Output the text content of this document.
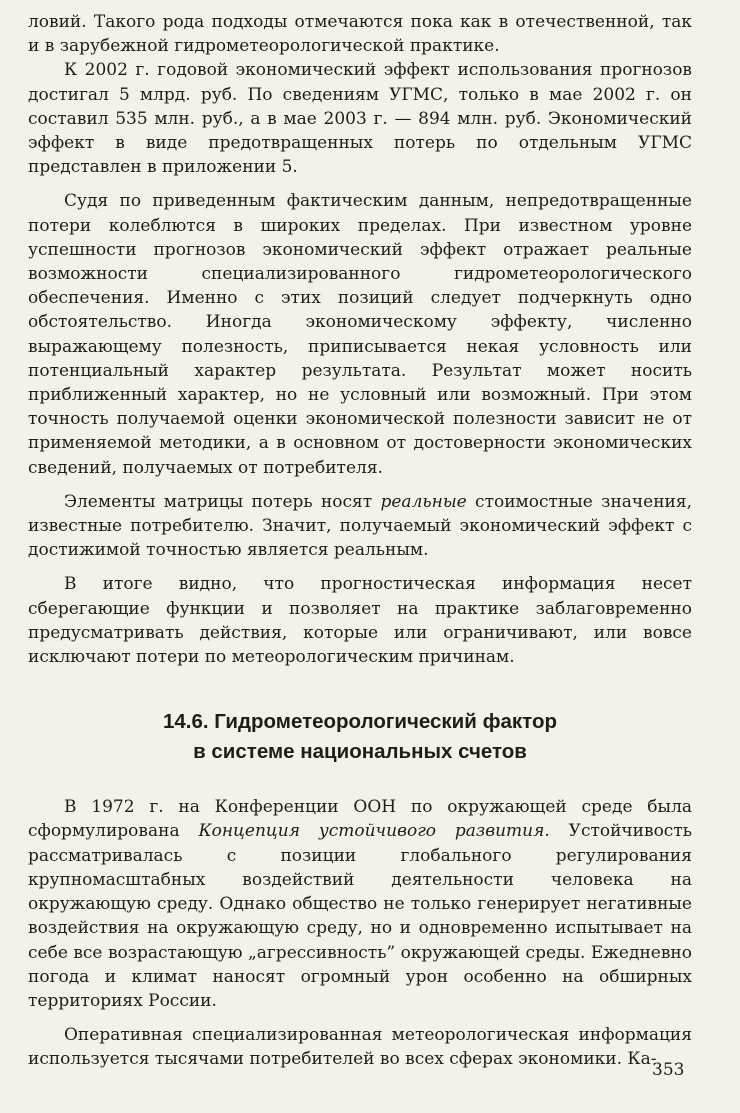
ловий. Такого рода подходы отмечаются пока как в отечественной, так и в зарубежной гидрометеорологической практике.

К 2002 г. годовой экономический эффект использования прогнозов достигал 5 млрд. руб. По сведениям УГМС, только в мае 2002 г. он составил 535 млн. руб., а в мае 2003 г. — 894 млн. руб. Экономический эффект в виде предотвращенных потерь по отдельным УГМС представлен в приложении 5.

Судя по приведенным фактическим данным, непредотвращенные потери колеблются в широких пределах. При известном уровне успешности прогнозов экономический эффект отражает реальные возможности специализированного гидрометеорологического обеспечения. Именно с этих позиций следует подчеркнуть одно обстоятельство. Иногда экономическому эффекту, численно выражающему полезность, приписывается некая условность или потенциальный характер результата. Результат может носить приближенный характер, но не условный или возможный. При этом точность получаемой оценки экономической полезности зависит не от применяемой методики, а в основном от достоверности экономических сведений, получаемых от потребителя.

Элементы матрицы потерь носят реальные стоимостные значения, известные потребителю. Значит, получаемый экономический эффект с достижимой точностью является реальным.

В итоге видно, что прогностическая информация несет сберегающие функции и позволяет на практике заблаговременно предусматривать действия, которые или ограничивают, или вовсе исключают потери по метеорологическим причинам.

14.6. Гидрометеорологический фактор
в системе национальных счетов

В 1972 г. на Конференции ООН по окружающей среде была сформулирована Концепция устойчивого развития. Устойчивость рассматривалась с позиции глобального регулирования крупномасштабных воздействий деятельности человека на окружающую среду. Однако общество не только генерирует негативные воздействия на окружающую среду, но и одновременно испытывает на себе все возрастающую „агрессивность” окружающей среды. Ежедневно погода и климат наносят огромный урон особенно на обширных территориях России.

Оперативная специализированная метеорологическая информация используется тысячами потребителей во всех сферах экономики. Ка-

353
